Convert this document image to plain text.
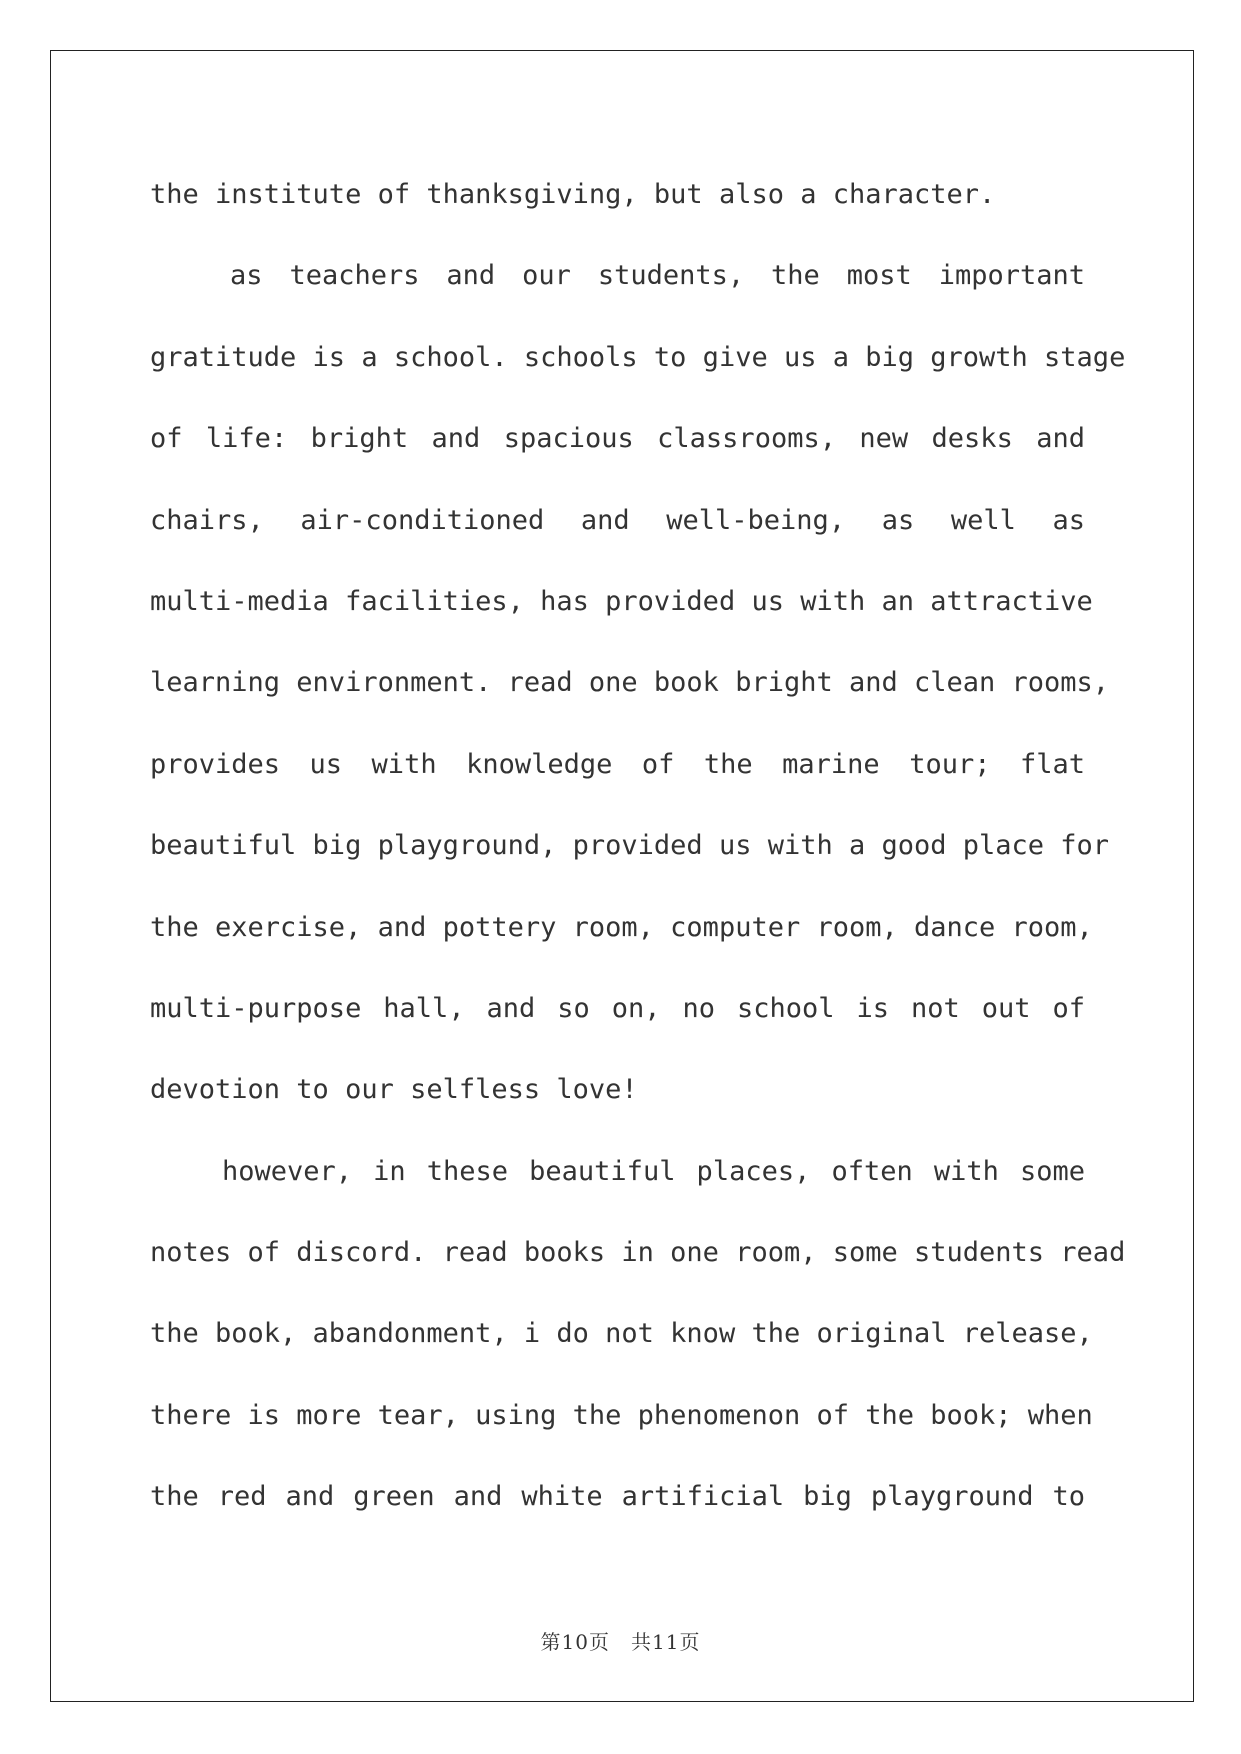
the institute of thanksgiving, but also a character.
as teachers and our students, the most important
gratitude is a school. schools to give us a big growth stage
of life: bright and spacious classrooms, new desks and
chairs, air-conditioned and well-being, as well as
multi-media facilities, has provided us with an attractive
learning environment. read one book bright and clean rooms,
provides us with knowledge of the marine tour; flat
beautiful big playground, provided us with a good place for
the exercise, and pottery room, computer room, dance room,
multi-purpose hall, and so on, no school is not out of
devotion to our selfless love!
however, in these beautiful places, often with some
notes of discord. read books in one room, some students read
the book, abandonment, i do not know the original release,
there is more tear, using the phenomenon of the book; when
the red and green and white artificial big playground to
第10页　共11页
